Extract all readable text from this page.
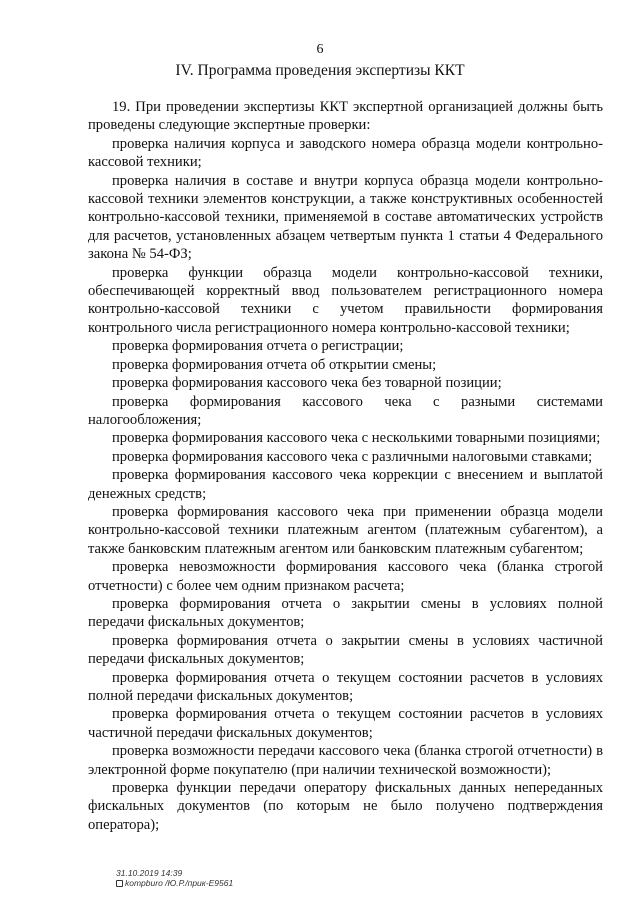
6
IV. Программа проведения экспертизы ККТ

19. При проведении экспертизы ККТ экспертной организацией должны быть проведены следующие экспертные проверки:

проверка наличия корпуса и заводского номера образца модели контрольно-кассовой техники;

проверка наличия в составе и внутри корпуса образца модели контрольно-кассовой техники элементов конструкции, а также конструктивных особенностей контрольно-кассовой техники, применяемой в составе автоматических устройств для расчетов, установленных абзацем четвертым пункта 1 статьи 4 Федерального закона № 54-ФЗ;

проверка функции образца модели контрольно-кассовой техники, обеспечивающей корректный ввод пользователем регистрационного номера контрольно-кассовой техники с учетом правильности формирования контрольного числа регистрационного номера контрольно-кассовой техники;

проверка формирования отчета о регистрации;

проверка формирования отчета об открытии смены;

проверка формирования кассового чека без товарной позиции;

проверка формирования кассового чека с разными системами налогообложения;

проверка формирования кассового чека с несколькими товарными позициями;

проверка формирования кассового чека с различными налоговыми ставками;

проверка формирования кассового чека коррекции с внесением и выплатой денежных средств;

проверка формирования кассового чека при применении образца модели контрольно-кассовой техники платежным агентом (платежным субагентом), а также банковским платежным агентом или банковским платежным субагентом;

проверка невозможности формирования кассового чека (бланка строгой отчетности) с более чем одним признаком расчета;

проверка формирования отчета о закрытии смены в условиях полной передачи фискальных документов;

проверка формирования отчета о закрытии смены в условиях частичной передачи фискальных документов;

проверка формирования отчета о текущем состоянии расчетов в условиях полной передачи фискальных документов;

проверка формирования отчета о текущем состоянии расчетов в условиях частичной передачи фискальных документов;

проверка возможности передачи кассового чека (бланка строгой отчетности) в электронной форме покупателю (при наличии технической возможности);

проверка функции передачи оператору фискальных данных непереданных фискальных документов (по которым не было получено подтверждения оператора);

31.10.2019 14:39
kompburo /Ю.Р./прик-Е9561
